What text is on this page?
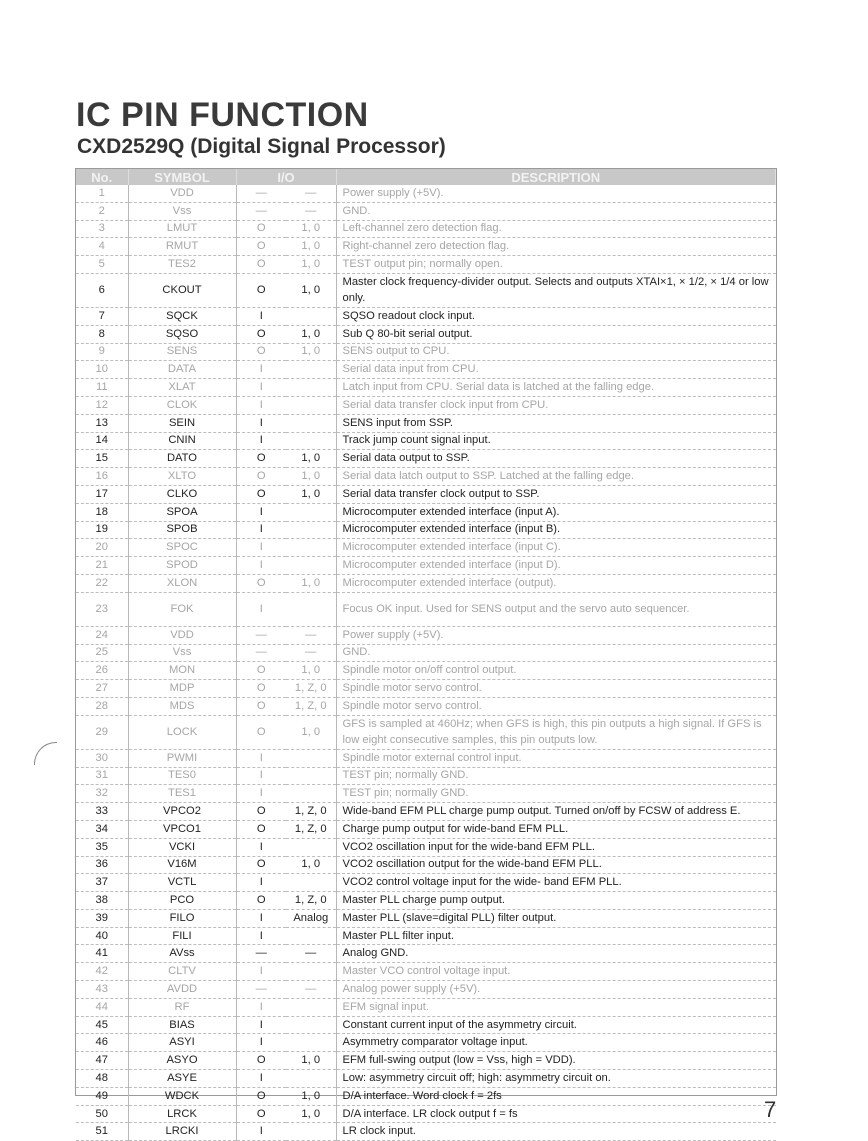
IC PIN FUNCTION
CXD2529Q (Digital Signal Processor)
No.	SYMBOL	I/O		DESCRIPTION
1	VDD	—	—	Power supply (+5V).
2	Vss	—	—	GND.
3	LMUT	O	1, 0	Left-channel zero detection flag.
4	RMUT	O	1, 0	Right-channel zero detection flag.
5	TES2	O	1, 0	TEST output pin; normally open.
6	CKOUT	O	1, 0	Master clock frequency-divider output. Selects and outputs XTAI×1, × 1/2, × 1/4 or low only.
7	SQCK	I		SQSO readout clock input.
8	SQSO	O	1, 0	Sub Q 80-bit serial output.
9	SENS	O	1, 0	SENS output to CPU.
10	DATA	I		Serial data input from CPU.
11	XLAT	I		Latch input from CPU. Serial data is latched at the falling edge.
12	CLOK	I		Serial data transfer clock input from CPU.
13	SEIN	I		SENS input from SSP.
14	CNIN	I		Track jump count signal input.
15	DATO	O	1, 0	Serial data output to SSP.
16	XLTO	O	1, 0	Serial data latch output to SSP. Latched at the falling edge.
17	CLKO	O	1, 0	Serial data transfer clock output to SSP.
18	SPOA	I		Microcomputer extended interface (input A).
19	SPOB	I		Microcomputer extended interface (input B).
20	SPOC	I		Microcomputer extended interface (input C).
21	SPOD	I		Microcomputer extended interface (input D).
22	XLON	O	1, 0	Microcomputer extended interface (output).
23	FOK	I		Focus OK input. Used for SENS output and the servo auto sequencer.
24	VDD	—	—	Power supply (+5V).
25	Vss	—	—	GND.
26	MON	O	1, 0	Spindle motor on/off control output.
27	MDP	O	1, Z, 0	Spindle motor servo control.
28	MDS	O	1, Z, 0	Spindle motor servo control.
29	LOCK	O	1, 0	GFS is sampled at 460Hz; when GFS is high, this pin outputs a high signal. If GFS is low eight consecutive samples, this pin outputs low.
30	PWMI	I		Spindle motor external control input.
31	TES0	I		TEST pin; normally GND.
32	TES1	I		TEST pin; normally GND.
33	VPCO2	O	1, Z, 0	Wide-band EFM PLL charge pump output. Turned on/off by FCSW of address E.
34	VPCO1	O	1, Z, 0	Charge pump output for wide-band EFM PLL.
35	VCKI	I		VCO2 oscillation input for the wide-band EFM PLL.
36	V16M	O	1, 0	VCO2 oscillation output for the wide-band EFM PLL.
37	VCTL	I		VCO2 control voltage input for the wide- band EFM PLL.
38	PCO	O	1, Z, 0	Master PLL charge pump output.
39	FILO	I	Analog	Master PLL (slave=digital PLL) filter output.
40	FILI	I		Master PLL filter input.
41	AVss	—	—	Analog GND.
42	CLTV	I		Master VCO control voltage input.
43	AVDD	—	—	Analog power supply (+5V).
44	RF	I		EFM signal input.
45	BIAS	I		Constant current input of the asymmetry circuit.
46	ASYI	I		Asymmetry comparator voltage input.
47	ASYO	O	1, 0	EFM full-swing output (low = Vss, high = VDD).
48	ASYE	I		Low: asymmetry circuit off; high: asymmetry circuit on.
49	WDCK	O	1, 0	D/A interface. Word clock f = 2fs
50	LRCK	O	1, 0	D/A interface. LR clock output f = fs
51	LRCKI	I		LR clock input.

7
